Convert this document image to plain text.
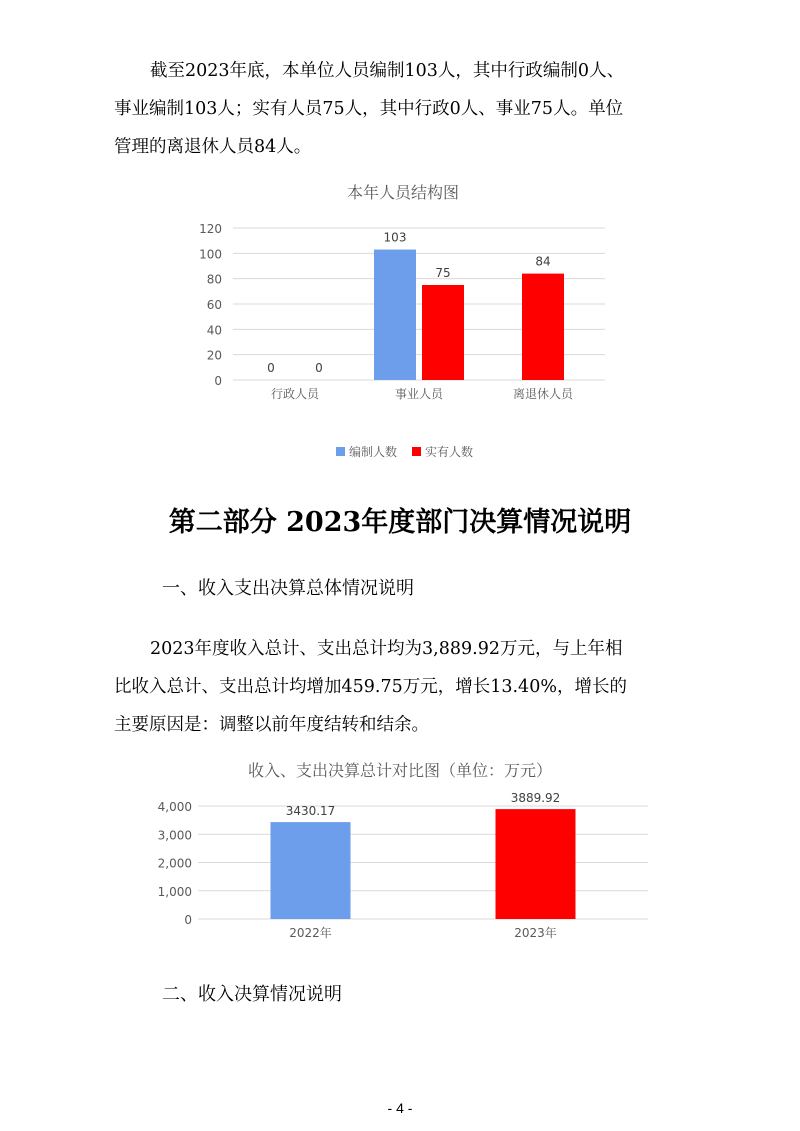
截至2023年底，本单位人员编制103人，其中行政编制0人、
事业编制103人；实有人员75人，其中行政0人、事业75人。单位
管理的离退休人员84人。
本年人员结构图
0	0
103
75
84
0
20
40
60
80
100
120
行政人员	事业人员	离退休人员
编制人数 实有人数
第二部分 2023年度部门决算情况说明
一、收入支出决算总体情况说明
2023年度收入总计、支出总计均为3,889.92万元，与上年相
比收入总计、支出总计均增加459.75万元，增长13.40%，增长的
主要原因是：调整以前年度结转和结余。
收入、支出决算总计对比图（单位：万元）
3430.17
3889.92
0
1,000
2,000
3,000
4,000
2022年	2023年
二、收入决算情况说明
- 4 -
